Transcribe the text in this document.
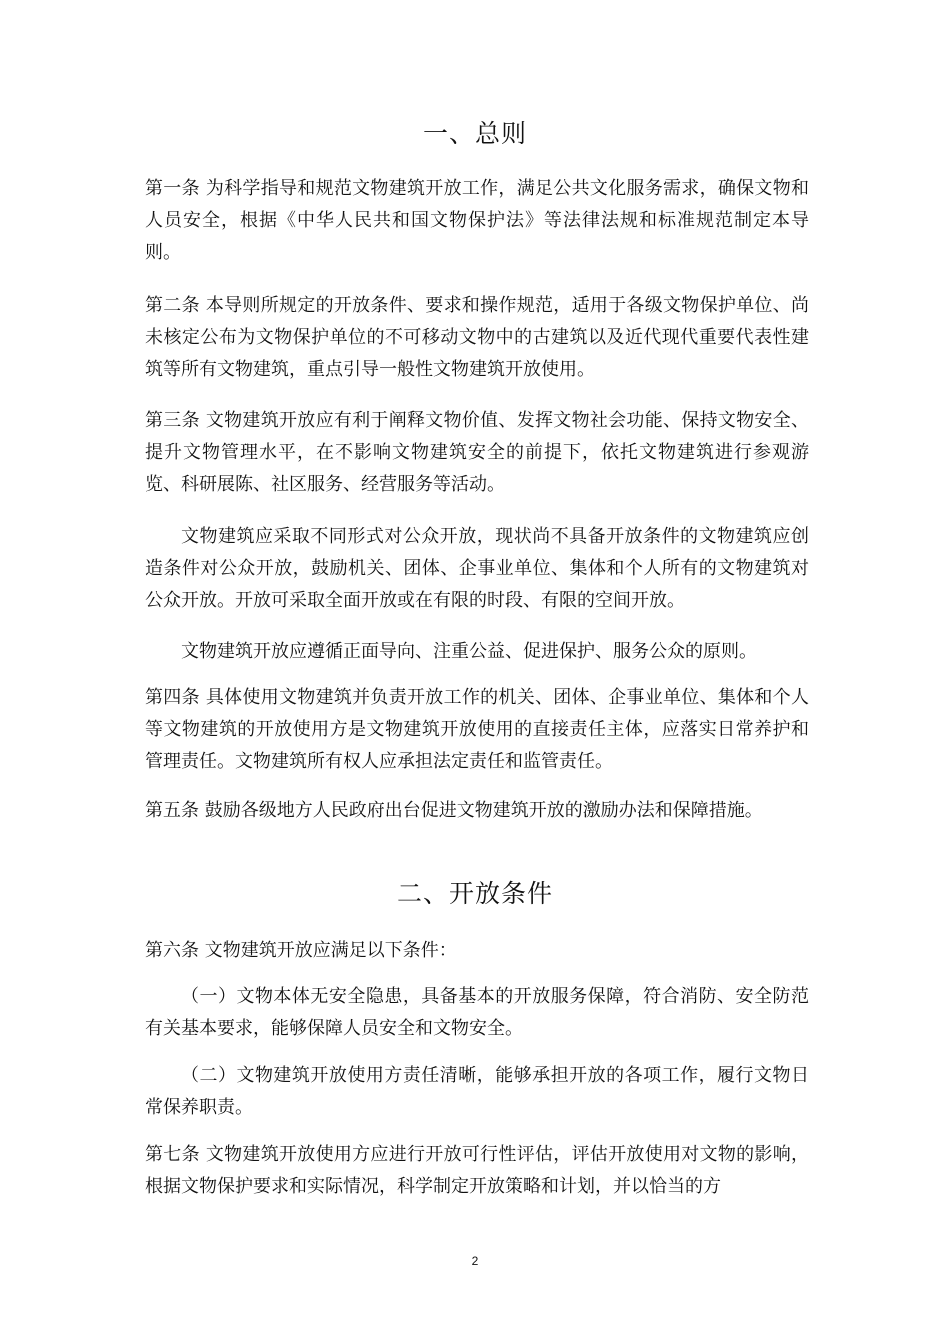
一、总则

第一条 为科学指导和规范文物建筑开放工作，满足公共文化服务需求，确保文物和人员安全，根据《中华人民共和国文物保护法》等法律法规和标准规范制定本导则。

第二条 本导则所规定的开放条件、要求和操作规范，适用于各级文物保护单位、尚未核定公布为文物保护单位的不可移动文物中的古建筑以及近代现代重要代表性建筑等所有文物建筑，重点引导一般性文物建筑开放使用。

第三条 文物建筑开放应有利于阐释文物价值、发挥文物社会功能、保持文物安全、提升文物管理水平，在不影响文物建筑安全的前提下，依托文物建筑进行参观游览、科研展陈、社区服务、经营服务等活动。

文物建筑应采取不同形式对公众开放，现状尚不具备开放条件的文物建筑应创造条件对公众开放，鼓励机关、团体、企事业单位、集体和个人所有的文物建筑对公众开放。开放可采取全面开放或在有限的时段、有限的空间开放。

文物建筑开放应遵循正面导向、注重公益、促进保护、服务公众的原则。

第四条 具体使用文物建筑并负责开放工作的机关、团体、企事业单位、集体和个人等文物建筑的开放使用方是文物建筑开放使用的直接责任主体，应落实日常养护和管理责任。文物建筑所有权人应承担法定责任和监管责任。

第五条 鼓励各级地方人民政府出台促进文物建筑开放的激励办法和保障措施。

二、开放条件

第六条 文物建筑开放应满足以下条件：

（一）文物本体无安全隐患，具备基本的开放服务保障，符合消防、安全防范有关基本要求，能够保障人员安全和文物安全。

（二）文物建筑开放使用方责任清晰，能够承担开放的各项工作，履行文物日常保养职责。

第七条 文物建筑开放使用方应进行开放可行性评估，评估开放使用对文物的影响，根据文物保护要求和实际情况，科学制定开放策略和计划，并以恰当的方

2
